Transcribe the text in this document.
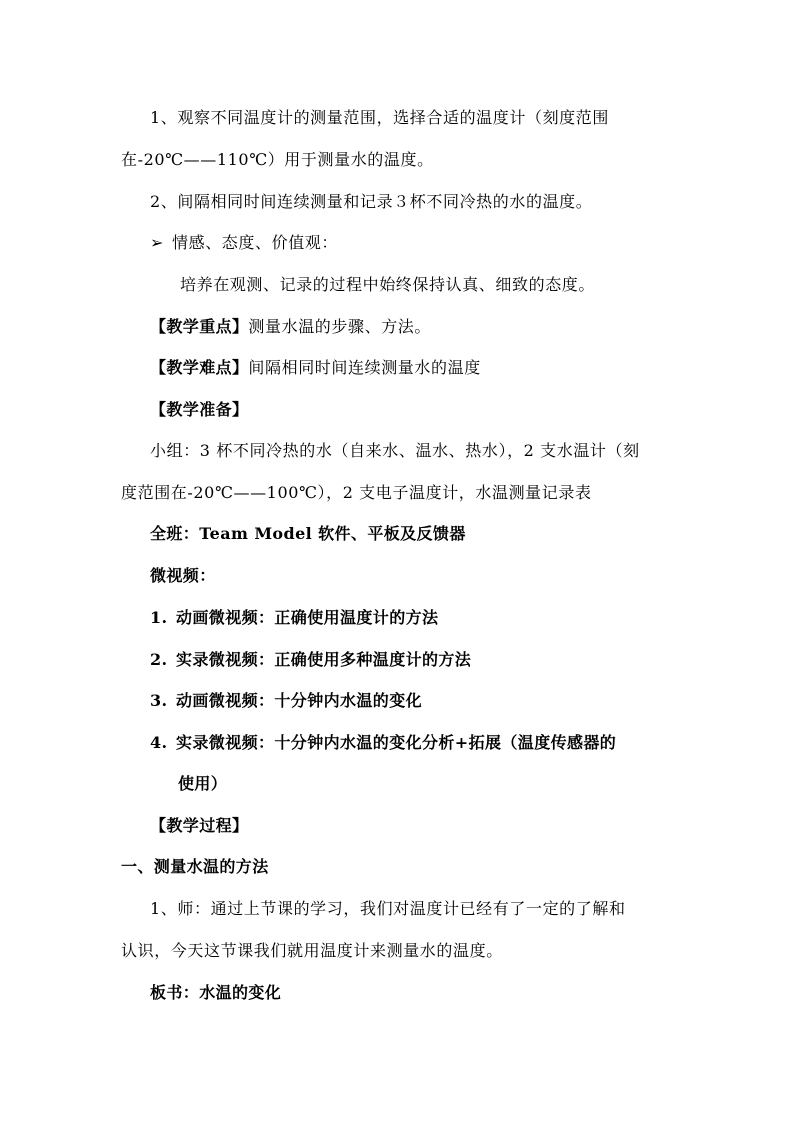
1、观察不同温度计的测量范围，选择合适的温度计（刻度范围
在-20℃——110℃）用于测量水的温度。
2、间隔相同时间连续测量和记录３杯不同冷热的水的温度。
➢ 情感、态度、价值观：
培养在观测、记录的过程中始终保持认真、细致的态度。
【教学重点】测量水温的步骤、方法。
【教学难点】间隔相同时间连续测量水的温度
【教学准备】
小组：3 杯不同冷热的水（自来水、温水、热水），2 支水温计（刻
度范围在-20℃——100℃），2 支电子温度计，水温测量记录表
全班：Team Model 软件、平板及反馈器
微视频：
1. 动画微视频：正确使用温度计的方法
2. 实录微视频：正确使用多种温度计的方法
3. 动画微视频：十分钟内水温的变化
4. 实录微视频：十分钟内水温的变化分析+拓展（温度传感器的
使用）
【教学过程】
一、测量水温的方法
1、师：通过上节课的学习，我们对温度计已经有了一定的了解和
认识，今天这节课我们就用温度计来测量水的温度。
板书：水温的变化
